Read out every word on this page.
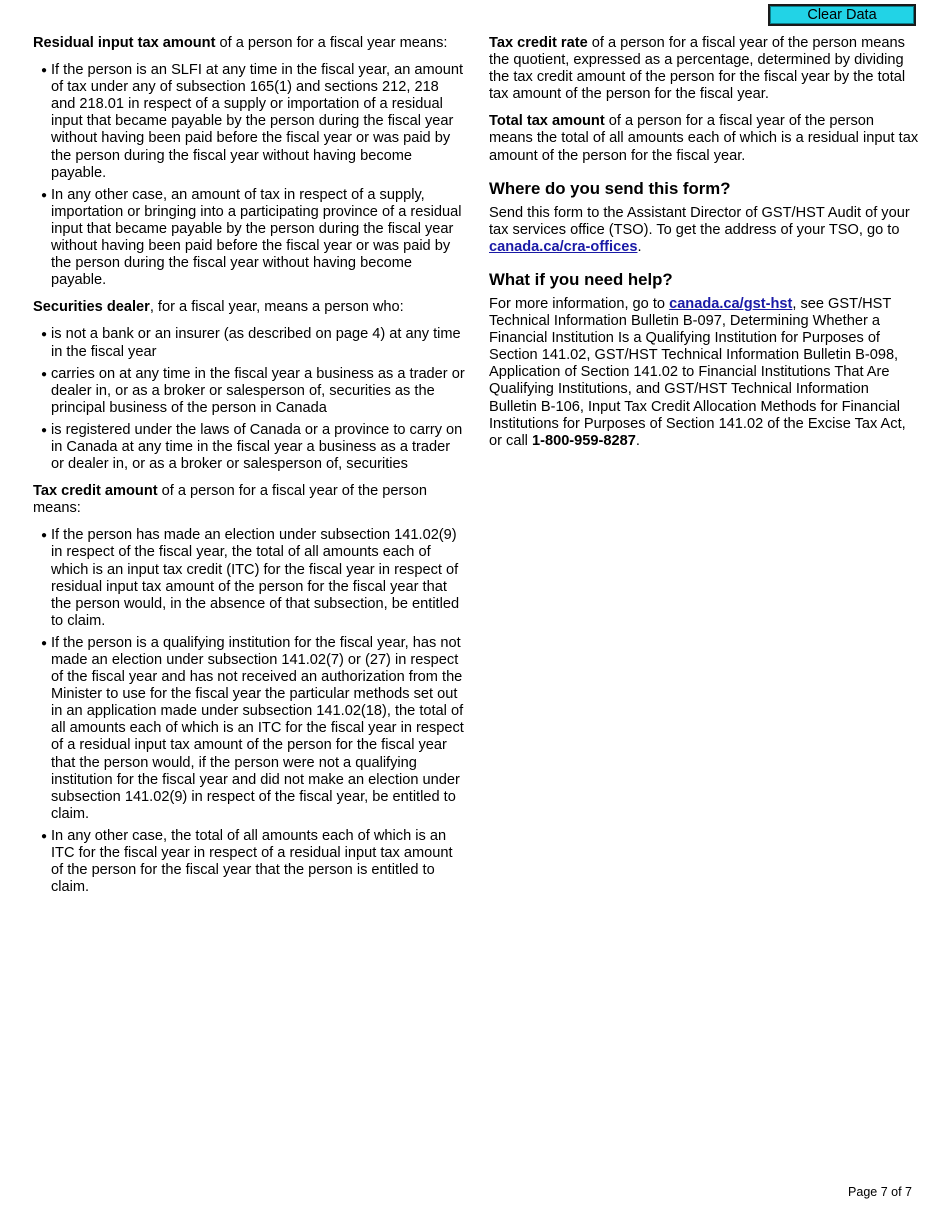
Clear Data

Residual input tax amount of a person for a fiscal year means:

● If the person is an SLFI at any time in the fiscal year, an amount of tax under any of subsection 165(1) and sections 212, 218 and 218.01 in respect of a supply or importation of a residual input that became payable by the person during the fiscal year without having been paid before the fiscal year or was paid by the person during the fiscal year without having become payable.
● In any other case, an amount of tax in respect of a supply, importation or bringing into a participating province of a residual input that became payable by the person during the fiscal year without having been paid before the fiscal year or was paid by the person during the fiscal year without having become payable.

Securities dealer, for a fiscal year, means a person who:

● is not a bank or an insurer (as described on page 4) at any time in the fiscal year
● carries on at any time in the fiscal year a business as a trader or dealer in, or as a broker or salesperson of, securities as the principal business of the person in Canada
● is registered under the laws of Canada or a province to carry on in Canada at any time in the fiscal year a business as a trader or dealer in, or as a broker or salesperson of, securities

Tax credit amount of a person for a fiscal year of the person means:

● If the person has made an election under subsection 141.02(9) in respect of the fiscal year, the total of all amounts each of which is an input tax credit (ITC) for the fiscal year in respect of residual input tax amount of the person for the fiscal year that the person would, in the absence of that subsection, be entitled to claim.
● If the person is a qualifying institution for the fiscal year, has not made an election under subsection 141.02(7) or (27) in respect of the fiscal year and has not received an authorization from the Minister to use for the fiscal year the particular methods set out in an application made under subsection 141.02(18), the total of all amounts each of which is an ITC for the fiscal year in respect of a residual input tax amount of the person for the fiscal year that the person would, if the person were not a qualifying institution for the fiscal year and did not make an election under subsection 141.02(9) in respect of the fiscal year, be entitled to claim.
● In any other case, the total of all amounts each of which is an ITC for the fiscal year in respect of a residual input tax amount of the person for the fiscal year that the person is entitled to claim.

Tax credit rate of a person for a fiscal year of the person means the quotient, expressed as a percentage, determined by dividing the tax credit amount of the person for the fiscal year by the total tax amount of the person for the fiscal year.

Total tax amount of a person for a fiscal year of the person means the total of all amounts each of which is a residual input tax amount of the person for the fiscal year.

Where do you send this form?

Send this form to the Assistant Director of GST/HST Audit of your tax services office (TSO). To get the address of your TSO, go to canada.ca/cra-offices.

What if you need help?

For more information, go to canada.ca/gst-hst, see GST/HST Technical Information Bulletin B-097, Determining Whether a Financial Institution Is a Qualifying Institution for Purposes of Section 141.02, GST/HST Technical Information Bulletin B-098, Application of Section 141.02 to Financial Institutions That Are Qualifying Institutions, and GST/HST Technical Information Bulletin B-106, Input Tax Credit Allocation Methods for Financial Institutions for Purposes of Section 141.02 of the Excise Tax Act, or call 1-800-959-8287.

Page 7 of 7
